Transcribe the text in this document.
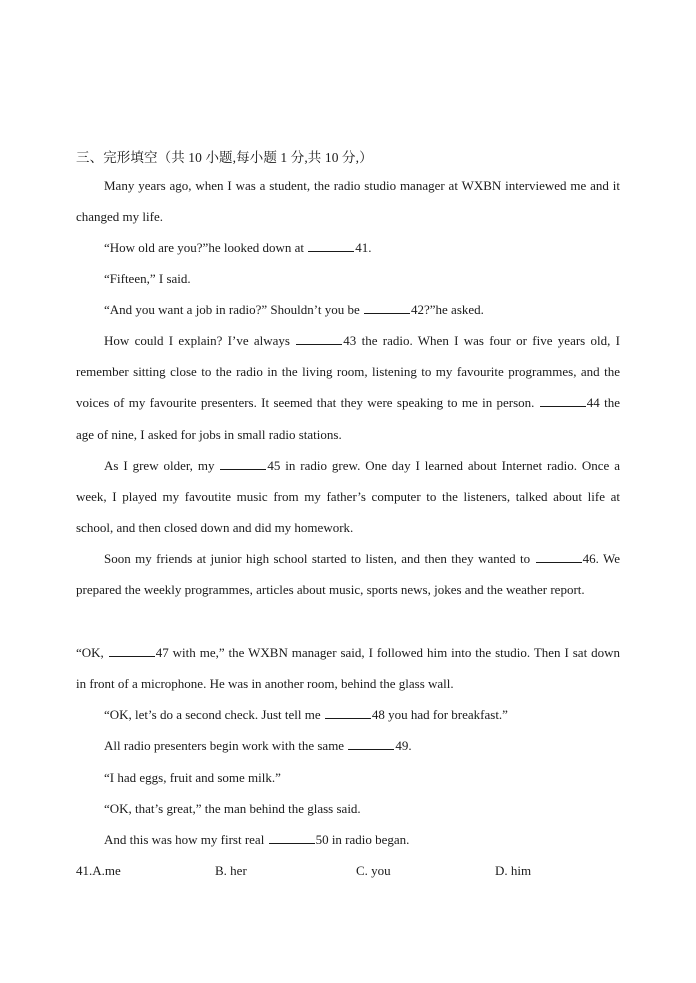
三、完形填空（共 10 小题,每小题 1 分,共 10 分,）

Many years ago, when I was a student, the radio studio manager at WXBN interviewed me and it changed my life.

“How old are you?”he looked down at	41.

“Fifteen,” I said.

“And you want a job in radio?” Shouldn’t you be	42?”he asked.

How could I explain? I’ve always	43 the radio. When I was four or five years old, I remember sitting close to the radio in the living room, listening to my favourite programmes, and the voices of my favourite presenters. It seemed that they were speaking to me in person.	44 the age of nine, I asked for jobs in small radio stations.

As I grew older, my	45 in radio grew. One day I learned about Internet radio. Once a week, I played my favoutite music from my father’s computer to the listeners, talked about life at school, and then closed down and did my homework.

Soon my friends at junior high school started to listen, and then they wanted to	46. We prepared the weekly programmes, articles about music, sports news, jokes and the weather report.

“OK,	47 with me,” the WXBN manager said, I followed him into the studio. Then I sat down in front of a microphone. He was in another room, behind the glass wall.

“OK, let’s do a second check. Just tell me	48 you had for breakfast.”

All radio presenters begin work with the same	49.

“I had eggs, fruit and some milk.”

“OK, that’s great,” the man behind the glass said.

And this was how my first real	50 in radio began.

41.A.me	B. her	C. you	D. him
